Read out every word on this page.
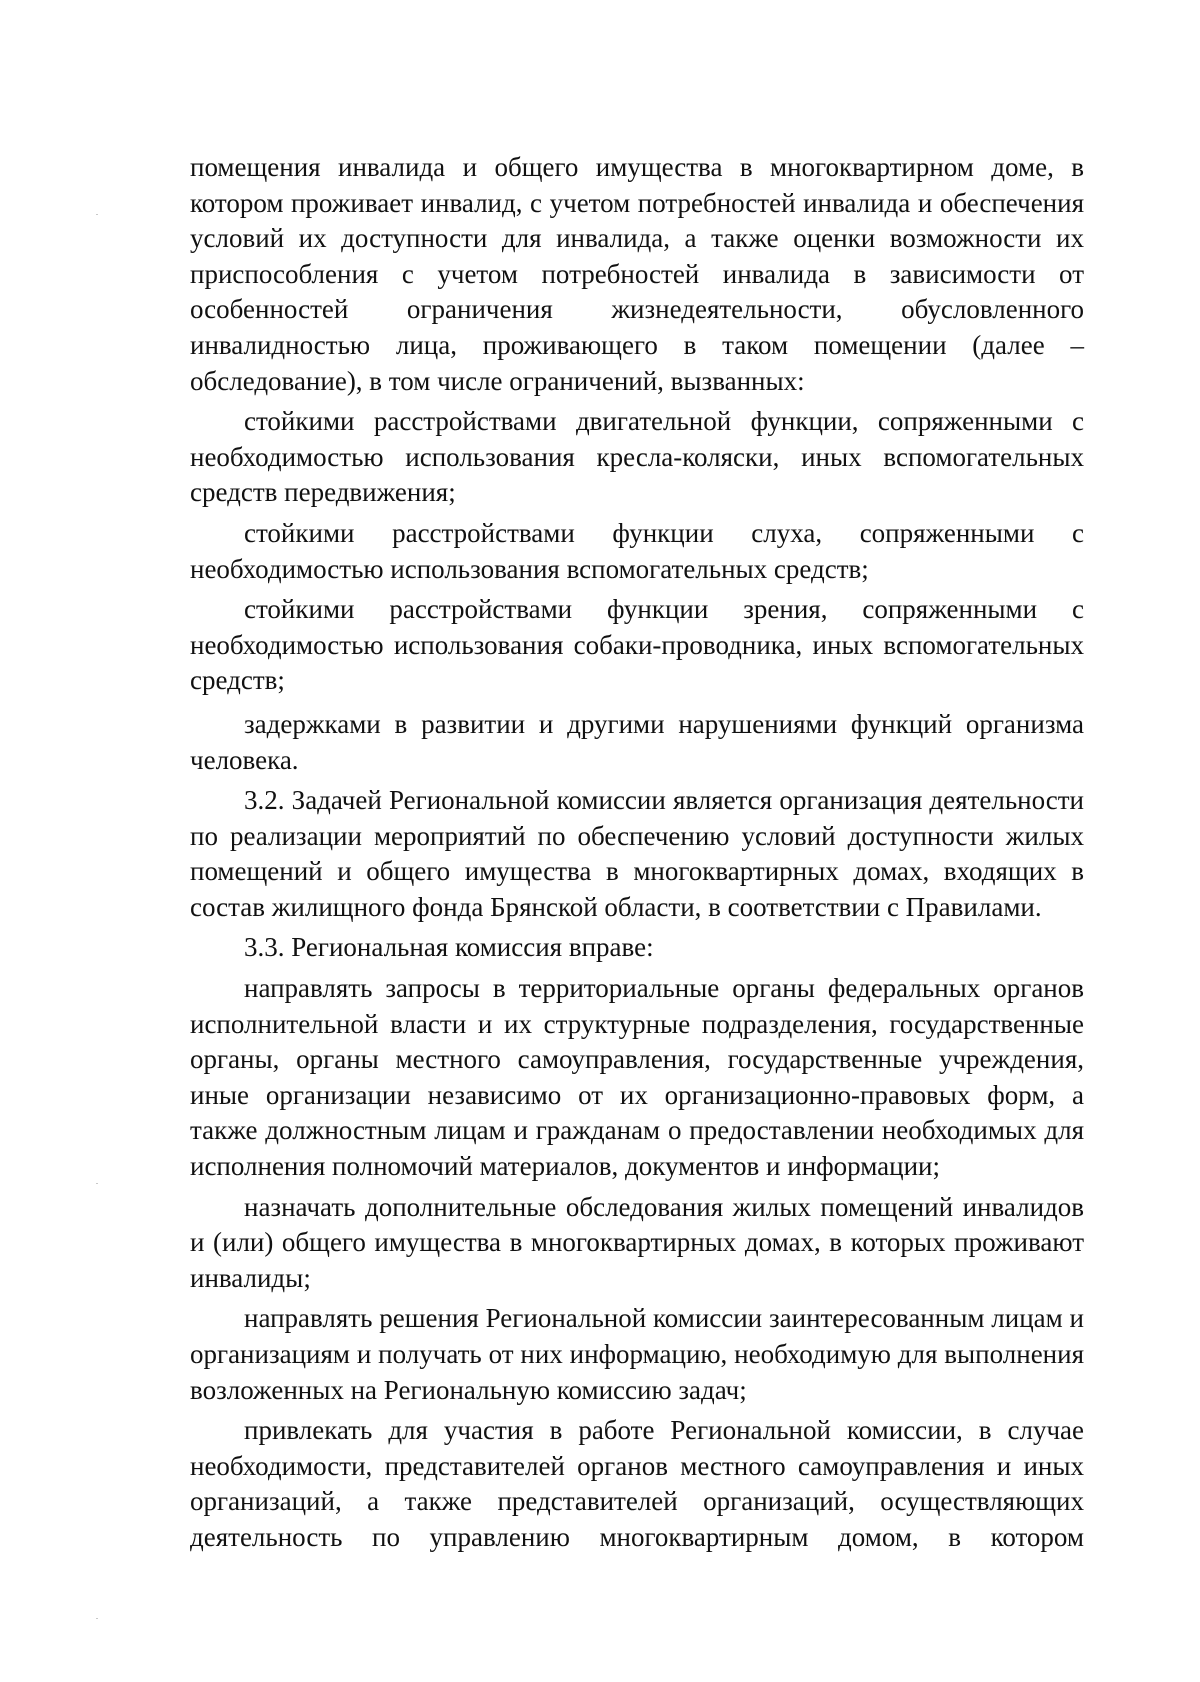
помещения инвалида и общего имущества в многоквартирном доме, в котором проживает инвалид, с учетом потребностей инвалида и обеспечения условий их доступности для инвалида, а также оценки возможности их приспособления с учетом потребностей инвалида в зависимости от особенностей ограничения жизнедеятельности, обусловленного инвалидностью лица, проживающего в таком помещении (далее – обследование), в том числе ограничений, вызванных:

стойкими расстройствами двигательной функции, сопряженными с необходимостью использования кресла-коляски, иных вспомогательных средств передвижения;

стойкими расстройствами функции слуха, сопряженными с необходимостью использования вспомогательных средств;

стойкими расстройствами функции зрения, сопряженными с необходимостью использования собаки-проводника, иных вспомогательных средств;

задержками в развитии и другими нарушениями функций организма человека.

3.2. Задачей Региональной комиссии является организация деятельности по реализации мероприятий по обеспечению условий доступности жилых помещений и общего имущества в многоквартирных домах, входящих в состав жилищного фонда Брянской области, в соответствии с Правилами.

3.3. Региональная комиссия вправе:

направлять запросы в территориальные органы федеральных органов исполнительной власти и их структурные подразделения, государственные органы, органы местного самоуправления, государственные учреждения, иные организации независимо от их организационно-правовых форм, а также должностным лицам и гражданам о предоставлении необходимых для исполнения полномочий материалов, документов и информации;

назначать дополнительные обследования жилых помещений инвалидов и (или) общего имущества в многоквартирных домах, в которых проживают инвалиды;

направлять решения Региональной комиссии заинтересованным лицам и организациям и получать от них информацию, необходимую для выполнения возложенных на Региональную комиссию задач;

привлекать для участия в работе Региональной комиссии, в случае необходимости, представителей органов местного самоуправления и иных организаций, а также представителей организаций, осуществляющих деятельность по управлению многоквартирным домом, в котором
